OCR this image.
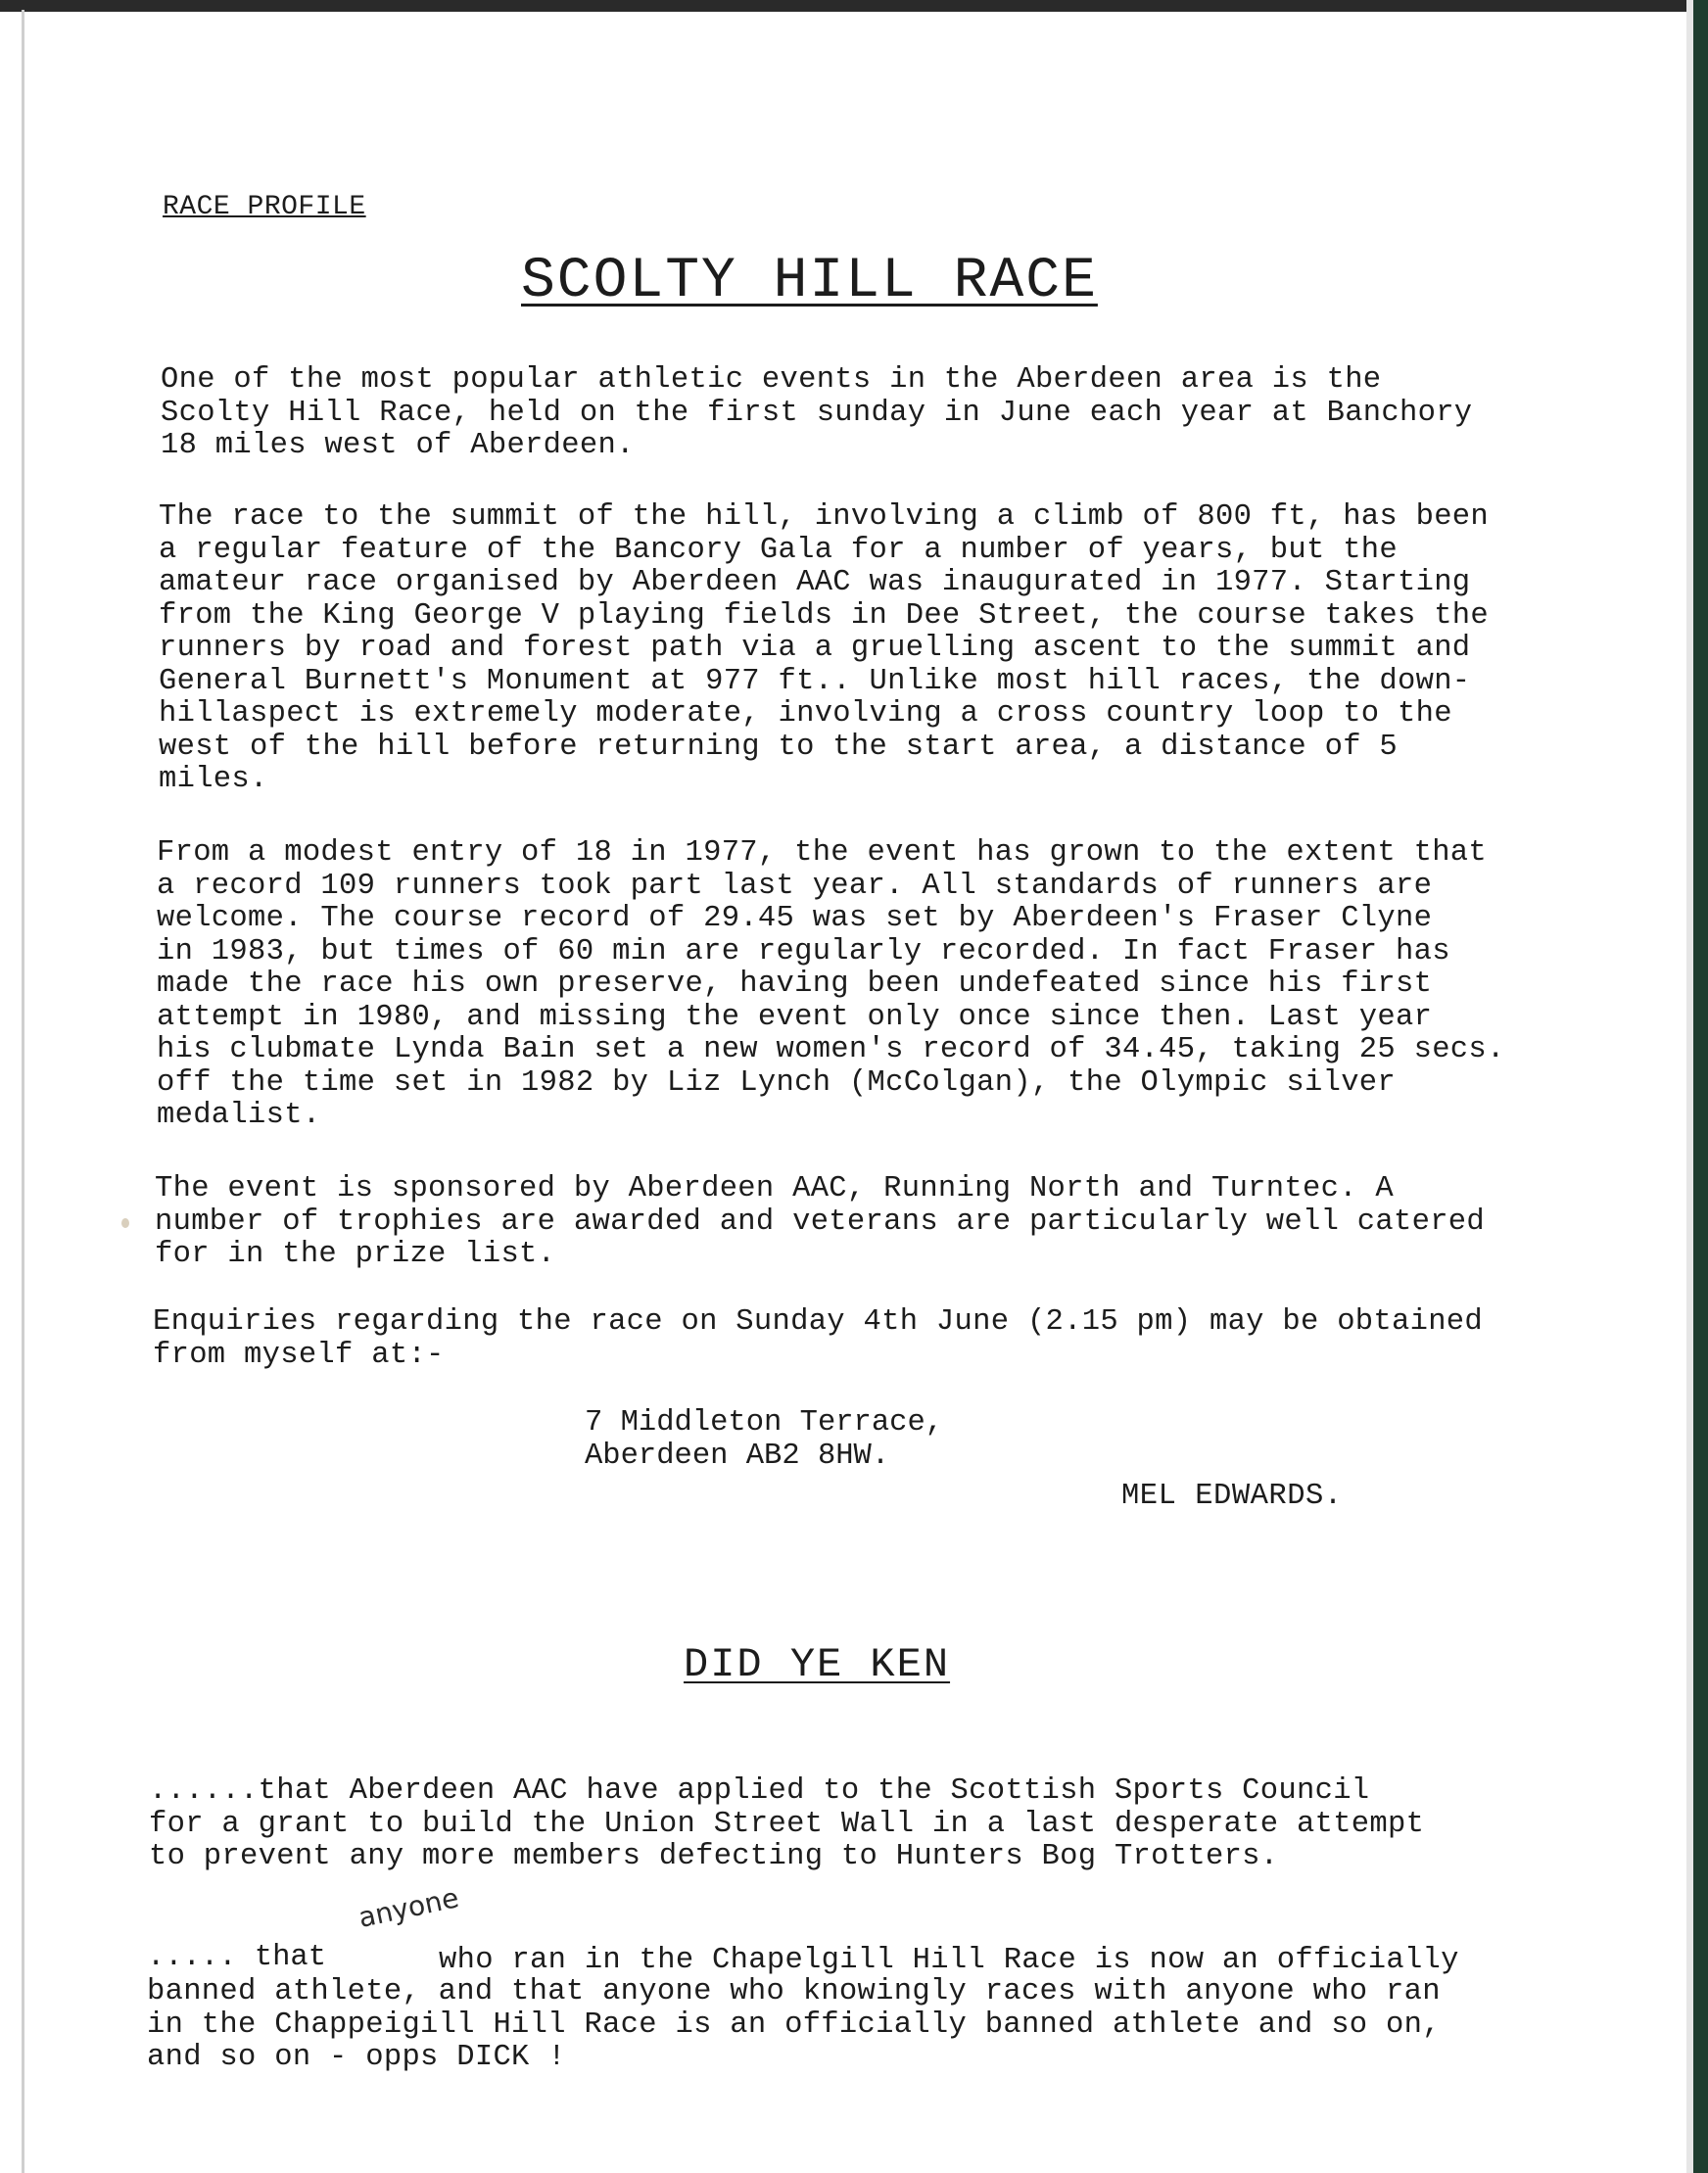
RACE PROFILE
SCOLTY HILL RACE

One of the most popular athletic events in the Aberdeen area is the
Scolty Hill Race, held on the first sunday in June each year at Banchory
18 miles west of Aberdeen.

The race to the summit of the hill, involving a climb of 800 ft, has been
a regular feature of the Bancory Gala for a number of years, but the
amateur race organised by Aberdeen AAC was inaugurated in 1977. Starting
from the King George V playing fields in Dee Street, the course takes the
runners by road and forest path via a gruelling ascent to the summit and
General Burnett's Monument at 977 ft.. Unlike most hill races, the down-
hillaspect is extremely moderate, involving a cross country loop to the
west of the hill before returning to the start area, a distance of 5
miles.

From a modest entry of 18 in 1977, the event has grown to the extent that
a record 109 runners took part last year. All standards of runners are
welcome. The course record of 29.45 was set by Aberdeen's Fraser Clyne
in 1983, but times of 60 min are regularly recorded. In fact Fraser has
made the race his own preserve, having been undefeated since his first
attempt in 1980, and missing the event only once since then. Last year
his clubmate Lynda Bain set a new women's record of 34.45, taking 25 secs.
off the time set in 1982 by Liz Lynch (McColgan), the Olympic silver
medalist.

The event is sponsored by Aberdeen AAC, Running North and Turntec. A
number of trophies are awarded and veterans are particularly well catered
for in the prize list.

Enquiries regarding the race on Sunday 4th June (2.15 pm) may be obtained
from myself at:-

7 Middleton Terrace,
Aberdeen AB2 8HW.
MEL EDWARDS.
DID YE KEN

......that Aberdeen AAC have applied to the Scottish Sports Council
for a grant to build the Union Street Wall in a last desperate attempt
to prevent any more members defecting to Hunters Bog Trotters.

..... that
anyone
who ran in the Chapelgill Hill Race is now an officially

banned athlete, and that anyone who knowingly races with anyone who ran
in the Chappeigill Hill Race is an officially banned athlete and so on,
and so on - opps DICK !
